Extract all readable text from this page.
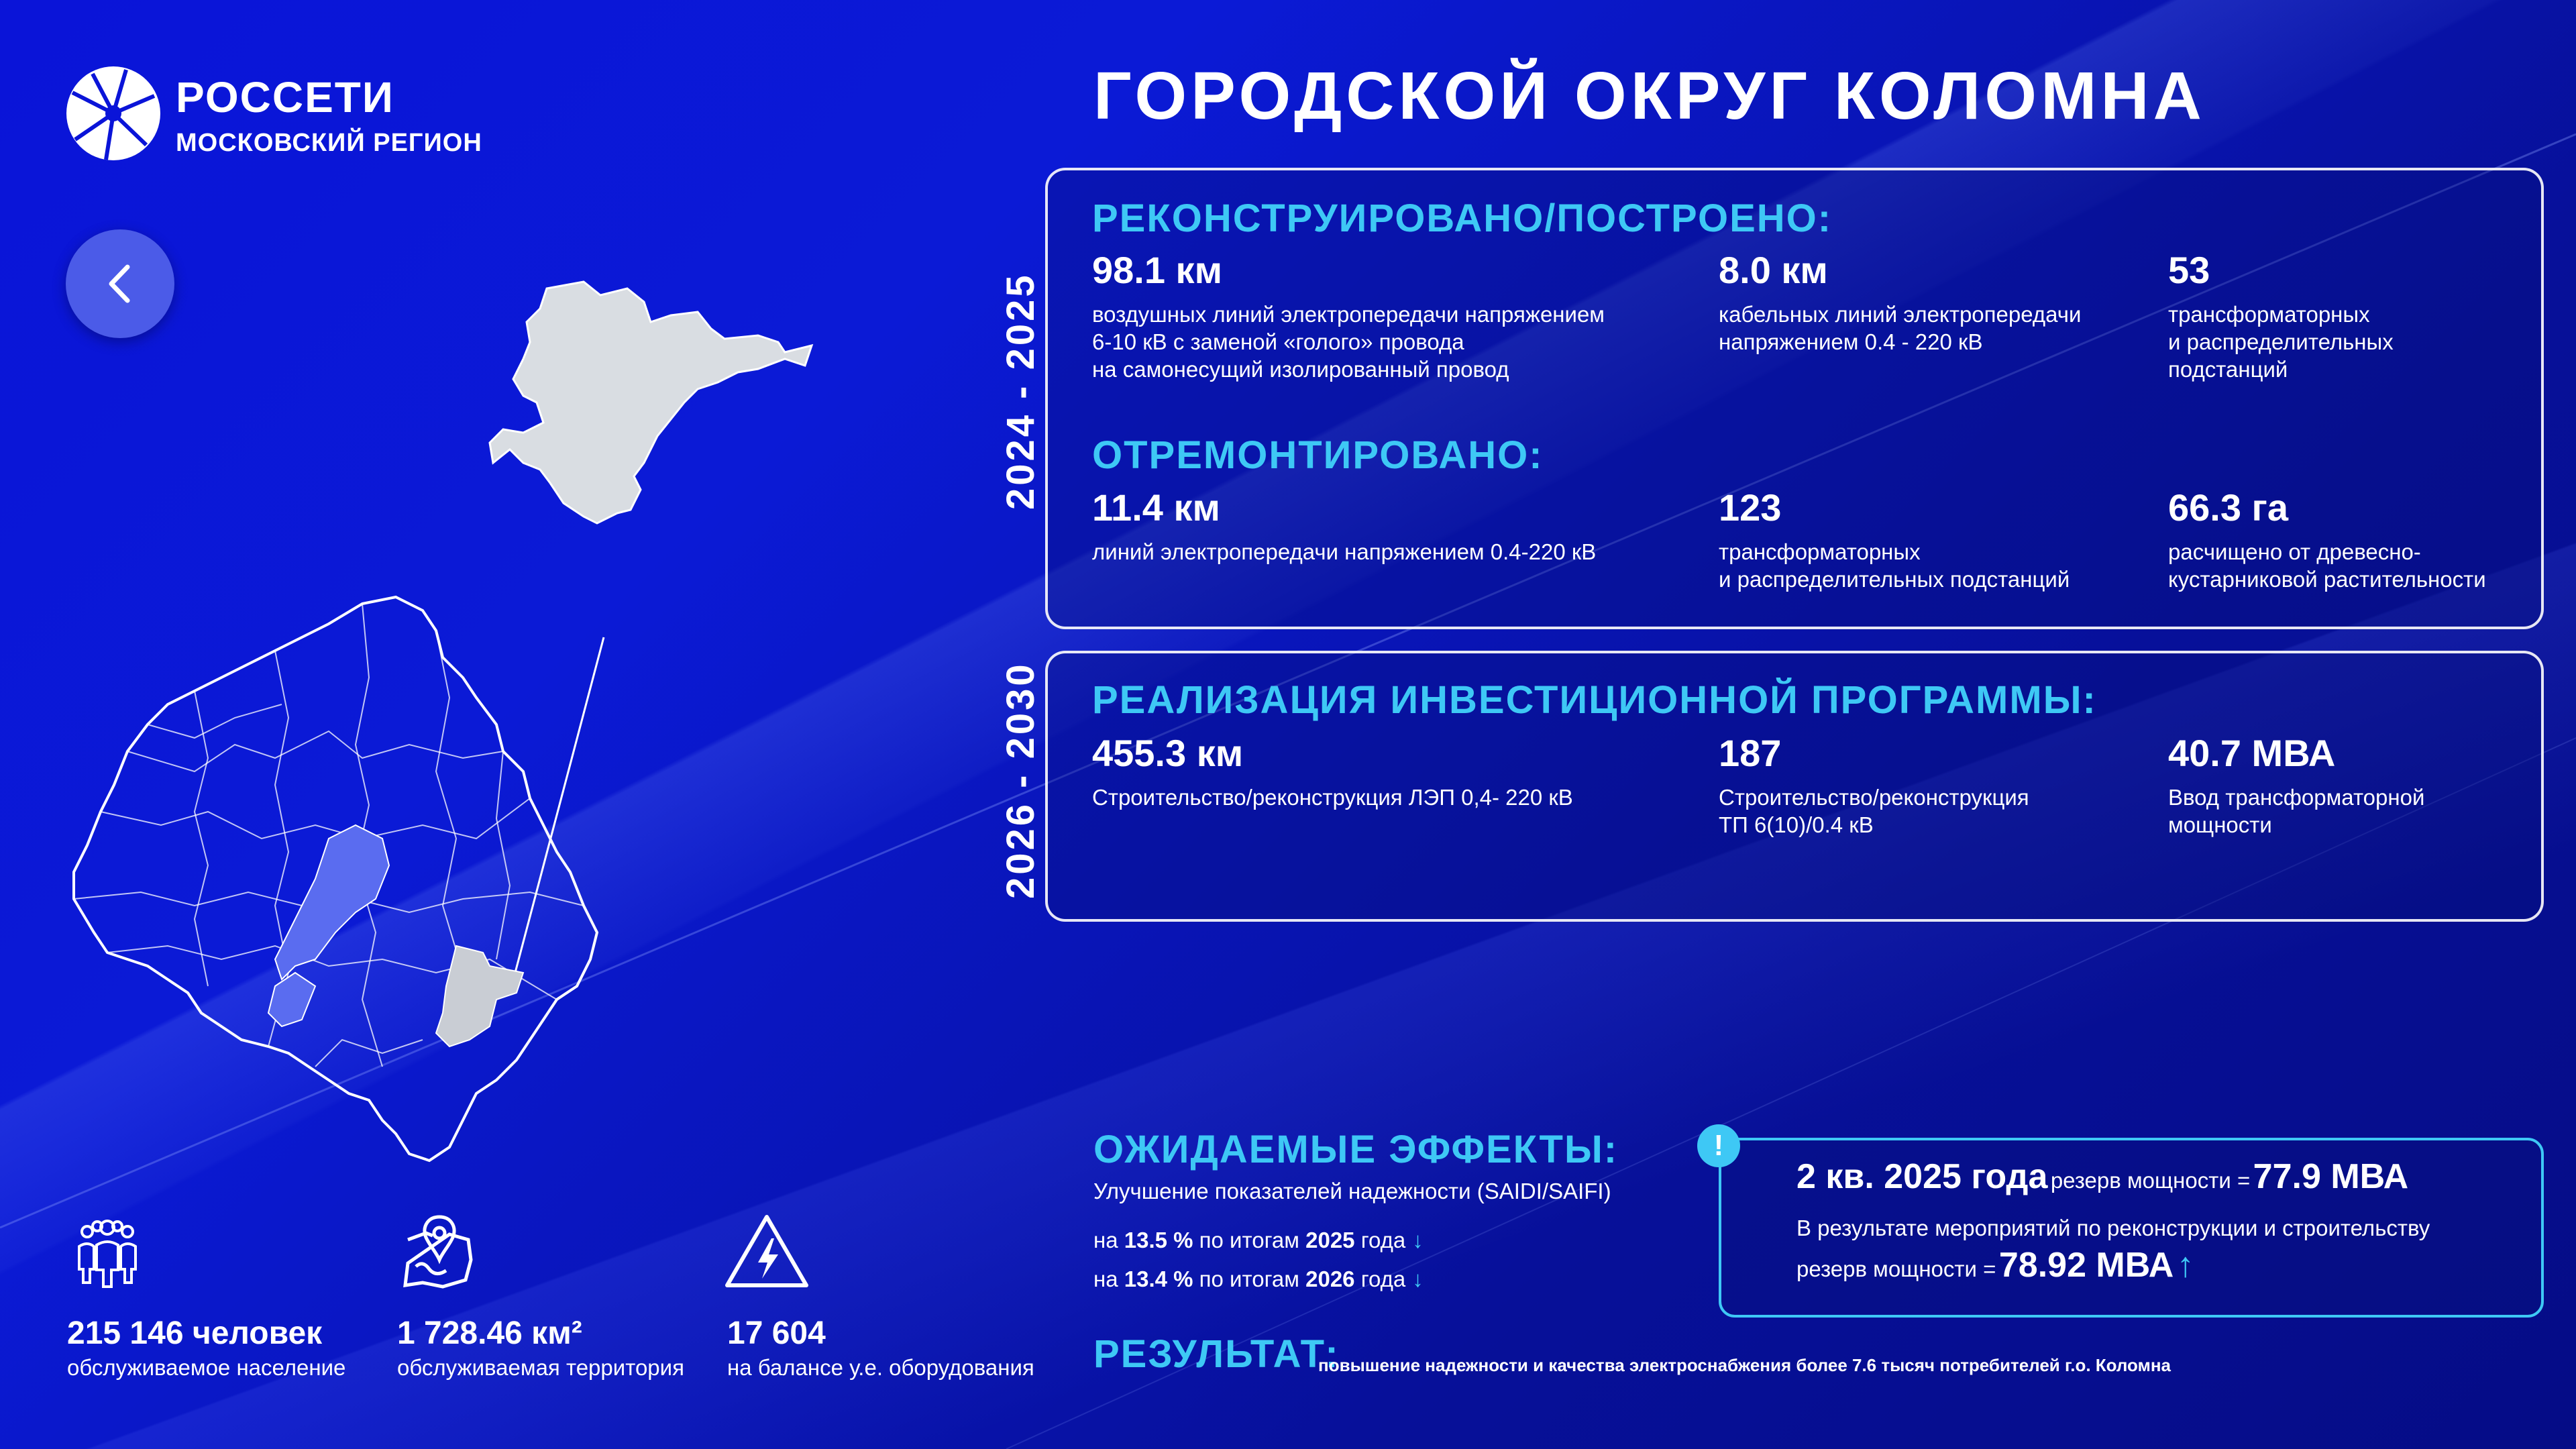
РОССЕТИ
МОСКОВСКИЙ РЕГИОН
ГОРОДСКОЙ ОКРУГ КОЛОМНА
2024 - 2025
РЕКОНСТРУИРОВАНО/ПОСТРОЕНО:
98.1 км
воздушных линий электропередачи напряжением
6-10 кВ с заменой «голого» провода
на самонесущий изолированный провод
8.0 км
кабельных линий электропередачи
напряжением 0.4 - 220 кВ
53
трансформаторных
и распределительных
подстанций
ОТРЕМОНТИРОВАНО:
11.4 км
линий электропередачи напряжением 0.4-220 кВ
123
трансформаторных
и распределительных подстанций
66.3 га
расчищено от древесно-
кустарниковой растительности
2026 - 2030 РЕАЛИЗАЦИЯ ИНВЕСТИЦИОННОЙ ПРОГРАММЫ:
455.3 км
Строительство/реконструкция ЛЭП 0,4- 220 кВ
187
Строительство/реконструкция
ТП 6(10)/0.4 кВ
40.7 МВА
Ввод трансформаторной
мощности
215 146 человек
обслуживаемое население
1 728.46 км²
обслуживаемая территория
17 604
на балансе у.е. оборудования
ОЖИДАЕМЫЕ ЭФФЕКТЫ:
Улучшение показателей надежности (SAIDI/SAIFI)
на 13.5 % по итогам 2025 года ↓
на 13.4 % по итогам 2026 года ↓
!
2 кв. 2025 года резерв мощности = 77.9 МВА
В результате мероприятий по реконструкции и строительству
резерв мощности = 78.92 МВА ↑
РЕЗУЛЬТАТ:
повышение надежности и качества электроснабжения более 7.6 тысяч потребителей г.о. Коломна
